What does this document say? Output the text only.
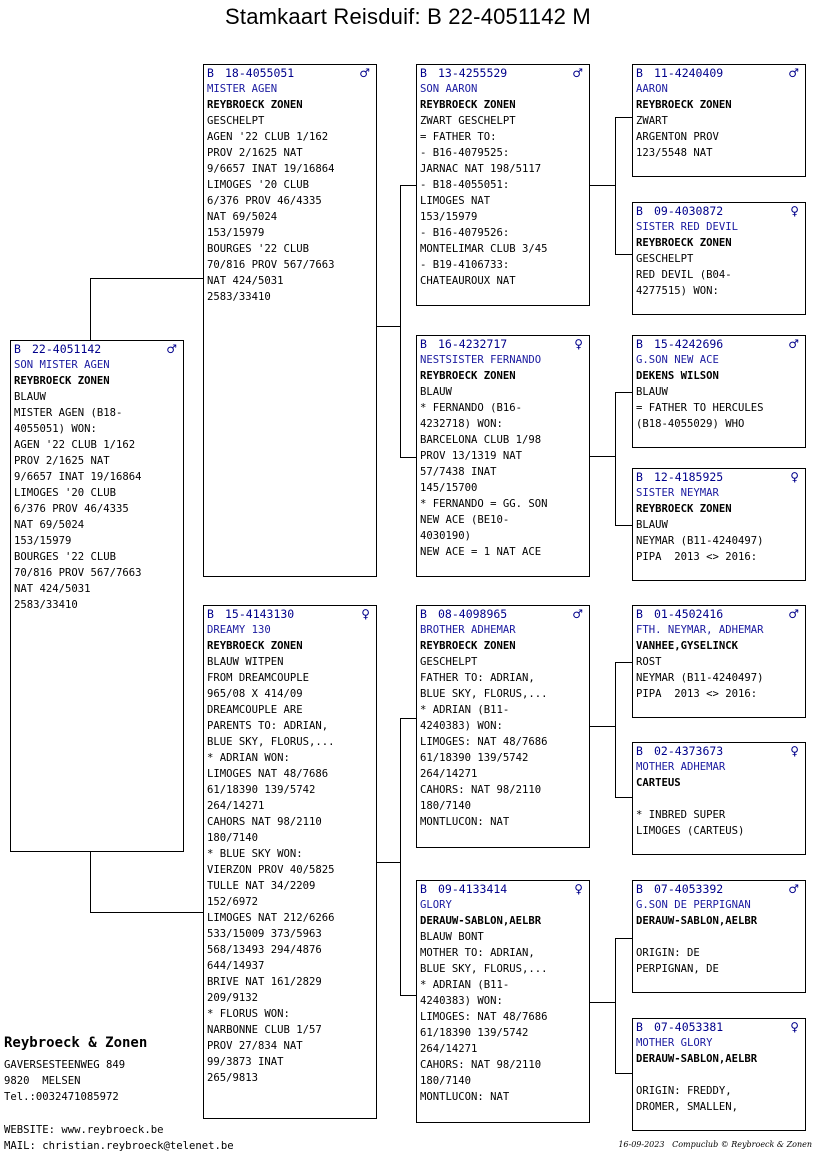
Stamkaart Reisduif: B 22-4051142 M
B 22-4051142	♂
SON MISTER AGEN
REYBROECK ZONEN
BLAUW
MISTER AGEN (B18-
4055051) WON:
AGEN '22 CLUB 1/162
PROV 2/1625 NAT
9/6657 INAT 19/16864
LIMOGES '20 CLUB
6/376 PROV 46/4335
NAT 69/5024
153/15979
BOURGES '22 CLUB
70/816 PROV 567/7663
NAT 424/5031
2583/33410
B 18-4055051	♂
MISTER AGEN
REYBROECK ZONEN
GESCHELPT
AGEN '22 CLUB 1/162
PROV 2/1625 NAT
9/6657 INAT 19/16864
LIMOGES '20 CLUB
6/376 PROV 46/4335
NAT 69/5024
153/15979
BOURGES '22 CLUB
70/816 PROV 567/7663
NAT 424/5031
2583/33410
B 15-4143130	♀
DREAMY 130
REYBROECK ZONEN
BLAUW WITPEN
FROM DREAMCOUPLE
965/08 X 414/09
DREAMCOUPLE ARE
PARENTS TO: ADRIAN,
BLUE SKY, FLORUS,...
* ADRIAN WON:
LIMOGES NAT 48/7686
61/18390 139/5742
264/14271
CAHORS NAT 98/2110
180/7140
* BLUE SKY WON:
VIERZON PROV 40/5825
TULLE NAT 34/2209
152/6972
LIMOGES NAT 212/6266
533/15009 373/5963
568/13493 294/4876
644/14937
BRIVE NAT 161/2829
209/9132
* FLORUS WON:
NARBONNE CLUB 1/57
PROV 27/834 NAT
99/3873 INAT
265/9813
B 13-4255529	♂
SON AARON
REYBROECK ZONEN
ZWART GESCHELPT
= FATHER TO:
- B16-4079525:
JARNAC NAT 198/5117
- B18-4055051:
LIMOGES NAT
153/15979
- B16-4079526:
MONTELIMAR CLUB 3/45
- B19-4106733:
CHATEAUROUX NAT
B 16-4232717	♀
NESTSISTER FERNANDO
REYBROECK ZONEN
BLAUW
* FERNANDO (B16-
4232718) WON:
BARCELONA CLUB 1/98
PROV 13/1319 NAT
57/7438 INAT
145/15700
* FERNANDO = GG. SON
NEW ACE (BE10-
4030190)
NEW ACE = 1 NAT ACE
B 08-4098965	♂
BROTHER ADHEMAR
REYBROECK ZONEN
GESCHELPT
FATHER TO: ADRIAN,
BLUE SKY, FLORUS,...
* ADRIAN (B11-
4240383) WON:
LIMOGES: NAT 48/7686
61/18390 139/5742
264/14271
CAHORS: NAT 98/2110
180/7140
MONTLUCON: NAT
B 09-4133414	♀
GLORY
DERAUW-SABLON,AELBR
BLAUW BONT
MOTHER TO: ADRIAN,
BLUE SKY, FLORUS,...
* ADRIAN (B11-
4240383) WON:
LIMOGES: NAT 48/7686
61/18390 139/5742
264/14271
CAHORS: NAT 98/2110
180/7140
MONTLUCON: NAT
B 11-4240409	♂
AARON
REYBROECK ZONEN
ZWART
ARGENTON PROV
123/5548 NAT
B 09-4030872	♀
SISTER RED DEVIL
REYBROECK ZONEN
GESCHELPT
RED DEVIL (B04-
4277515) WON:
B 15-4242696	♂
G.SON NEW ACE
DEKENS WILSON
BLAUW
= FATHER TO HERCULES
(B18-4055029) WHO
B 12-4185925	♀
SISTER NEYMAR
REYBROECK ZONEN
BLAUW
NEYMAR (B11-4240497)
PIPA  2013 <> 2016:
B 01-4502416	♂
FTH. NEYMAR, ADHEMAR
VANHEE,GYSELINCK
ROST
NEYMAR (B11-4240497)
PIPA  2013 <> 2016:
B 02-4373673	♀
MOTHER ADHEMAR
CARTEUS
* INBRED SUPER
LIMOGES (CARTEUS)
B 07-4053392	♂
G.SON DE PERPIGNAN
DERAUW-SABLON,AELBR
ORIGIN: DE
PERPIGNAN, DE
B 07-4053381	♀
MOTHER GLORY
DERAUW-SABLON,AELBR
ORIGIN: FREDDY,
DROMER, SMALLEN,
Reybroeck & Zonen
GAVERSESTEENWEG 849
9820  MELSEN
Tel.:0032471085972
WEBSITE: www.reybroeck.be
MAIL: christian.reybroeck@telenet.be	16-09-2023   Compuclub © Reybroeck & Zonen
